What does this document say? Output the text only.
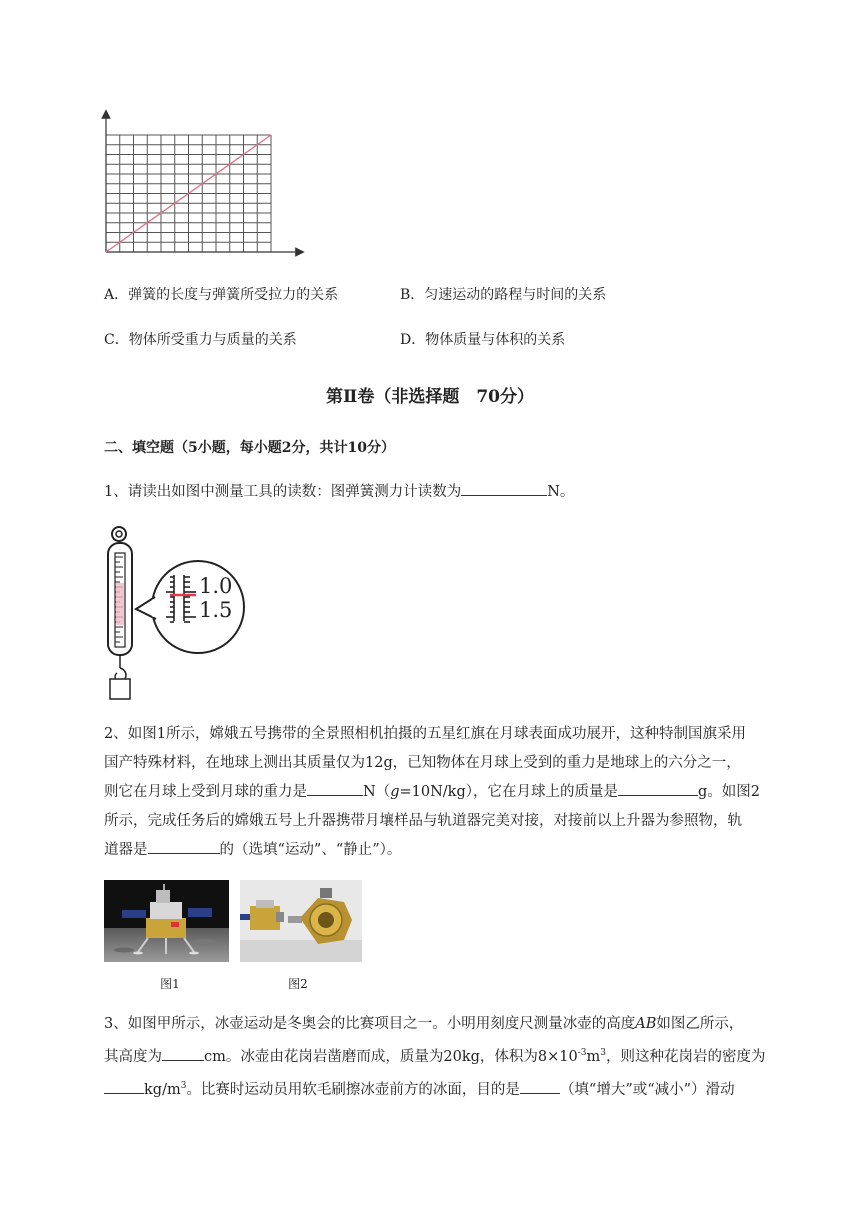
A．弹簧的长度与弹簧所受拉力的关系	B．匀速运动的路程与时间的关系
C．物体所受重力与质量的关系	D．物体质量与体积的关系
第Ⅱ卷（非选择题　70分）
二、填空题（5小题，每小题2分，共计10分）
1、请读出如图中测量工具的读数：图弹簧测力计读数为	N。
1.0
1.5
2、如图1所示，嫦娥五号携带的全景照相机拍摄的五星红旗在月球表面成功展开，这种特制国旗采用
国产特殊材料，在地球上测出其质量仅为12g，已知物体在月球上受到的重力是地球上的六分之一，
则它在月球上受到月球的重力是	N（g=10N/kg），它在月球上的质量是	g。如图2
所示，完成任务后的嫦娥五号上升器携带月壤样品与轨道器完美对接，对接前以上升器为参照物，轨
道器是	的（选填“运动”、“静止”）。
图1	图2
3、如图甲所示，冰壶运动是冬奥会的比赛项目之一。小明用刻度尺测量冰壶的高度AB如图乙所示，
其高度为	cm。冰壶由花岗岩凿磨而成，质量为20kg，体积为$8\times 10^{-3}m^3$，则这种花岗岩的密度为
$kg/m^3$。比赛时运动员用软毛刷擦冰壶前方的冰面，目的是	（填“增大”或“减小”）滑动
